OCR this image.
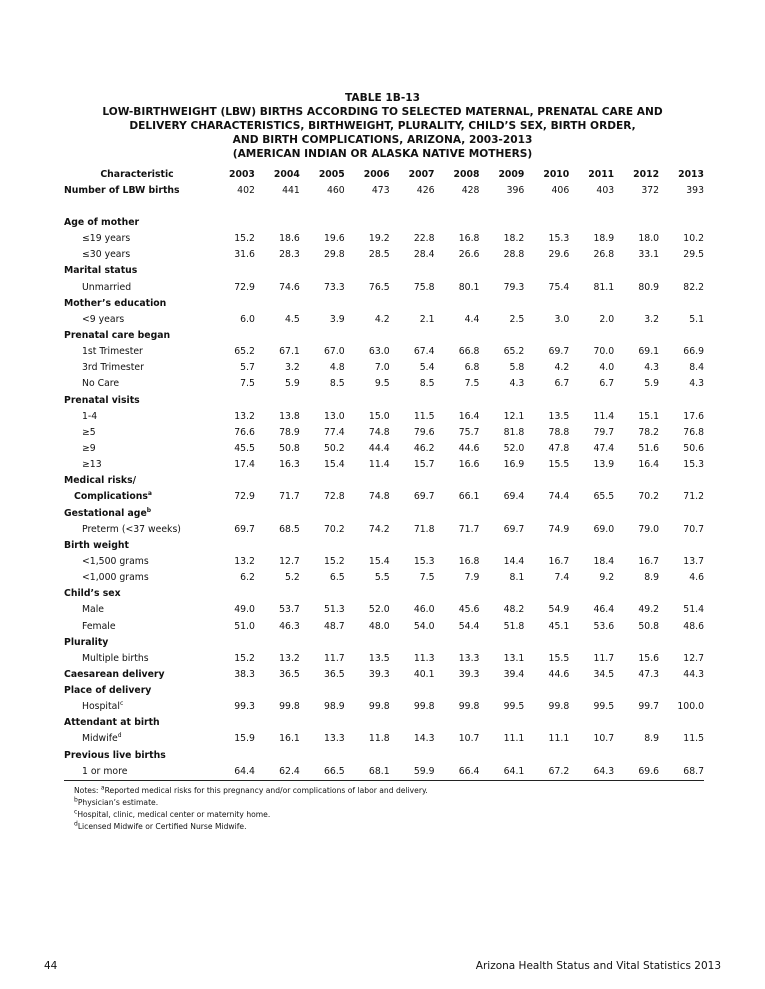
TABLE 1B-13
LOW-BIRTHWEIGHT (LBW) BIRTHS ACCORDING TO SELECTED MATERNAL, PRENATAL CARE AND
DELIVERY CHARACTERISTICS, BIRTHWEIGHT, PLURALITY, CHILD’S SEX, BIRTH ORDER,
AND BIRTH COMPLICATIONS, ARIZONA, 2003-2013
(AMERICAN INDIAN OR ALASKA NATIVE MOTHERS)
Characteristic	2003	2004	2005	2006	2007	2008	2009	2010	2011	2012	2013
Number of LBW births	402	441	460	473	426	428	396	406	403	372	393

Age of mother											
≤19 years	15.2	18.6	19.6	19.2	22.8	16.8	18.2	15.3	18.9	18.0	10.2
≤30 years	31.6	28.3	29.8	28.5	28.4	26.6	28.8	29.6	26.8	33.1	29.5
Marital status											
Unmarried	72.9	74.6	73.3	76.5	75.8	80.1	79.3	75.4	81.1	80.9	82.2
Mother’s education											
<9 years	6.0	4.5	3.9	4.2	2.1	4.4	2.5	3.0	2.0	3.2	5.1
Prenatal care began											
1st Trimester	65.2	67.1	67.0	63.0	67.4	66.8	65.2	69.7	70.0	69.1	66.9
3rd Trimester	5.7	3.2	4.8	7.0	5.4	6.8	5.8	4.2	4.0	4.3	8.4
No Care	7.5	5.9	8.5	9.5	8.5	7.5	4.3	6.7	6.7	5.9	4.3
Prenatal visits											
1-4	13.2	13.8	13.0	15.0	11.5	16.4	12.1	13.5	11.4	15.1	17.6
≥5	76.6	78.9	77.4	74.8	79.6	75.7	81.8	78.8	79.7	78.2	76.8
≥9	45.5	50.8	50.2	44.4	46.2	44.6	52.0	47.8	47.4	51.6	50.6
≥13	17.4	16.3	15.4	11.4	15.7	16.6	16.9	15.5	13.9	16.4	15.3
Medical risks/											
Complications$^a$	72.9	71.7	72.8	74.8	69.7	66.1	69.4	74.4	65.5	70.2	71.2
Gestational age$^b$											
Preterm (<37 weeks)	69.7	68.5	70.2	74.2	71.8	71.7	69.7	74.9	69.0	79.0	70.7
Birth weight											
<1,500 grams	13.2	12.7	15.2	15.4	15.3	16.8	14.4	16.7	18.4	16.7	13.7
<1,000 grams	6.2	5.2	6.5	5.5	7.5	7.9	8.1	7.4	9.2	8.9	4.6
Child’s sex											
Male	49.0	53.7	51.3	52.0	46.0	45.6	48.2	54.9	46.4	49.2	51.4
Female	51.0	46.3	48.7	48.0	54.0	54.4	51.8	45.1	53.6	50.8	48.6
Plurality											
Multiple births	15.2	13.2	11.7	13.5	11.3	13.3	13.1	15.5	11.7	15.6	12.7
Caesarean delivery	38.3	36.5	36.5	39.3	40.1	39.3	39.4	44.6	34.5	47.3	44.3
Place of delivery											
Hospital$^c$	99.3	99.8	98.9	99.8	99.8	99.8	99.5	99.8	99.5	99.7	100.0
Attendant at birth											
Midwife$^d$	15.9	16.1	13.3	11.8	14.3	10.7	11.1	11.1	10.7	8.9	11.5
Previous live births											
1 or more	64.4	62.4	66.5	68.1	59.9	66.4	64.1	67.2	64.3	69.6	68.7
Notes: $^a$Reported medical risks for this pregnancy and/or complications of labor and delivery.
$^b$Physician’s estimate.
$^c$Hospital, clinic, medical center or maternity home.
$^d$Licensed Midwife or Certified Nurse Midwife.
44	Arizona Health Status and Vital Statistics 2013
